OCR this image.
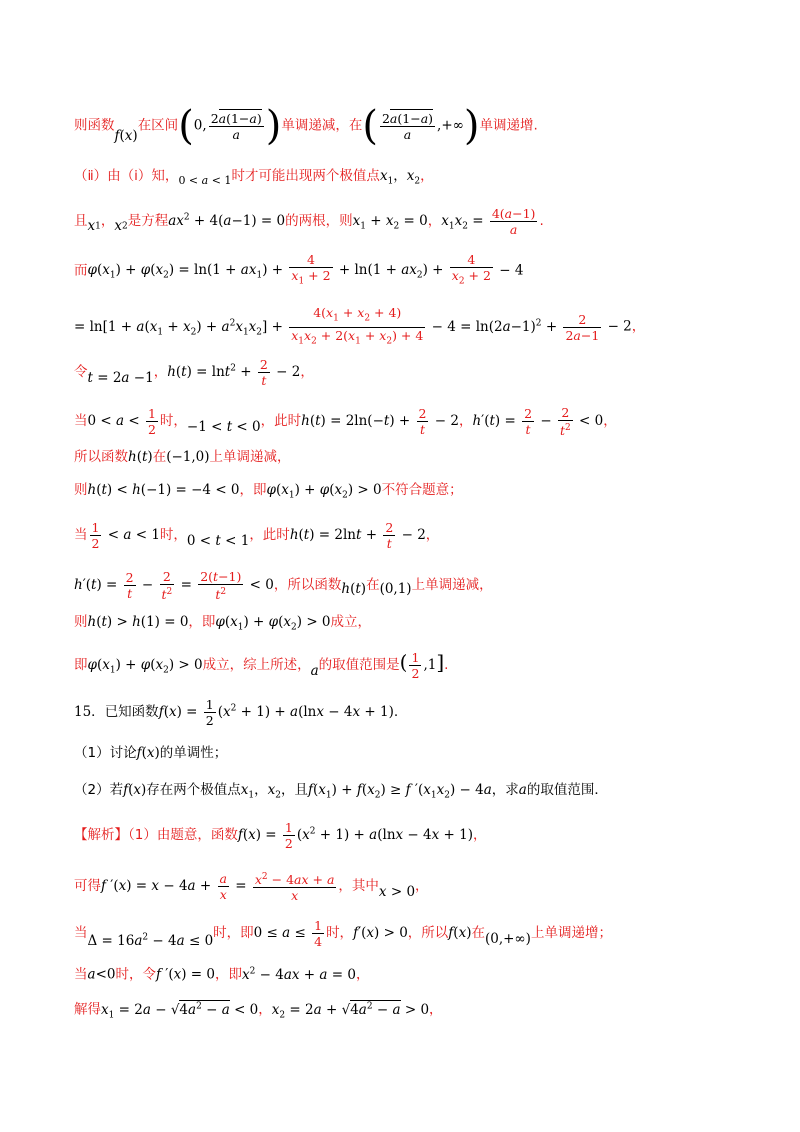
则函数f(x)在区间(0, $\frac{2a(1-a)}{a}$ )单调递减，在( $\frac{2a(1-a)}{a}$ ,+∞)单调递增.
（ⅱ）由（ⅰ）知，$_{0 < a < 1}$时才可能出现两个极值点$x_1$，$x_2$，
且$x_1$，$x_2$是方程$ax^2 + 4(a-1) = 0$的两根，则$x_1 + x_2 = 0$，$x_1x_2 = \frac{4(a-1)}{a}$ .
而$\varphi(x_1) + \varphi(x_2) = \ln(1 + ax_1) + \frac{4}{x_1 + 2} + \ln(1 + ax_2) + \frac{4}{x_2 + 2} - 4$
= $\ln[1 + a(x_1 + x_2) + a^2x_1x_2] + \frac{4(x_1 + x_2 + 4)}{x_1x_2 + 2(x_1 + x_2) + 4} - 4 = \ln(2a-1)^2 + \frac{2}{2a-1} - 2$，
令t = 2a −1，$h(t) = \ln t^2 + \frac{2}{t} - 2$，
当$0 < a < \frac{1}{2}$ 时，−1 < t < 0，此时$h(t) = 2\ln(-t) + \frac{2}{t} - 2$，$h'(t) = \frac{2}{t} - \frac{2}{t^2} < 0$，
所以函数h(t)在(−1,0)上单调递减，
则h(t) < h(−1) = −4 < 0，即$\varphi(x_1) + \varphi(x_2) > 0$不符合题意；
当 $\frac{1}{2} < a < 1$时，0 < t < 1，此时$h(t) = 2\ln t + \frac{2}{t} - 2$，
$h'(t) = \frac{2}{t} - \frac{2}{t^2} = \frac{2(t-1)}{t^2} < 0$，所以函数h(t)在(0,1)上单调递减，
则h(t) > h(1) = 0，即$\varphi(x_1) + \varphi(x_2) > 0$成立，
即$\varphi(x_1) + \varphi(x_2) > 0$成立，综上所述，a的取值范围是( $\frac{1}{2} ,1$].
15．已知函数$f(x) = \frac{1}{2} (x^2 + 1) + a(\ln x - 4x + 1)$.
（1）讨论f(x)的单调性；
（2）若f(x)存在两个极值点$x_1$，$x_2$，且$f(x_1) + f(x_2) \ge f$ $'(x_1x_2) - 4a$，求a的取值范围．
【解析】（1）由题意，函数$f(x) = \frac{1}{2} (x^2 + 1) + a(\ln x - 4x + 1)$，
可得f $'(x) = x - 4a + \frac{a}{x} = \frac{x^2 - 4ax + a}{x}$ ，其中x > 0，
当$\Delta = 16a^2 - 4a \le 0$时，即$0 \le a \le \frac{1}{4}$ 时，f′(x) > 0，所以f(x)在(0,+∞)上单调递增；
当a<0时，令f ′(x) = 0，即$x^2 - 4ax + a = 0$，
解得$x_1 = 2a - √4a^2 - a < 0$，$x_2 = 2a + √4a^2 - a > 0$，
